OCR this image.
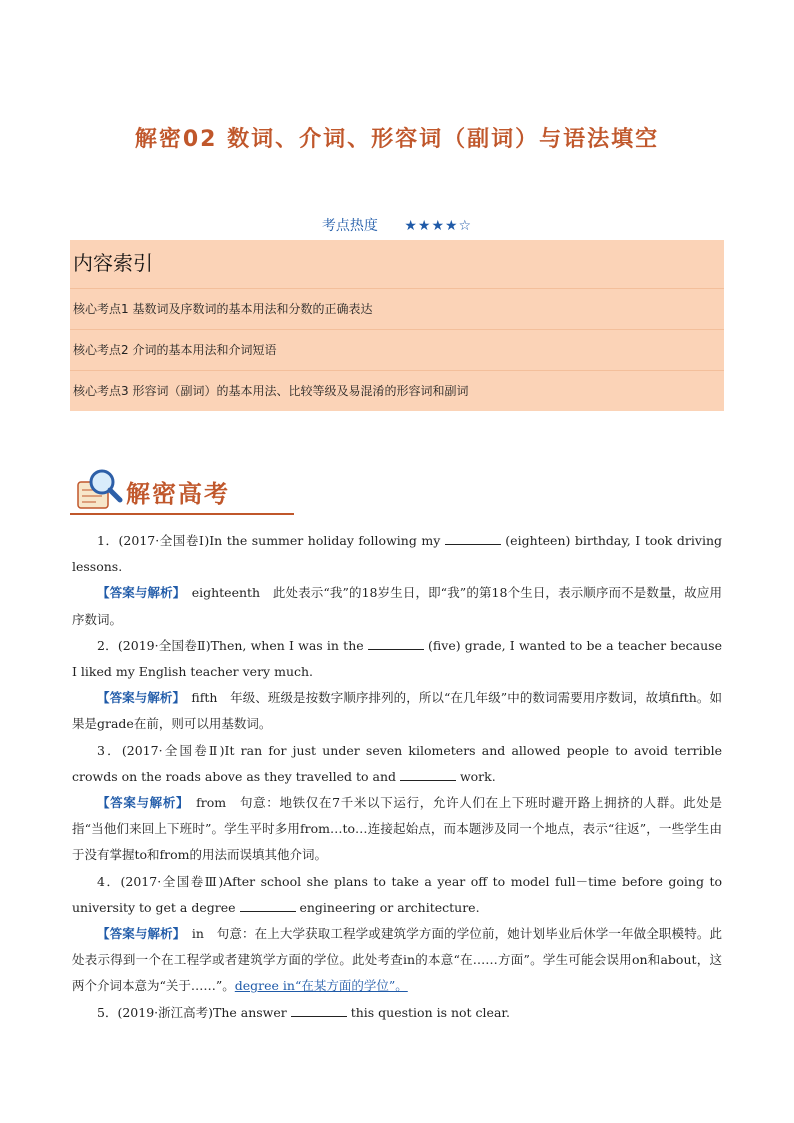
解密02 数词、介词、形容词（副词）与语法填空
考点热度 ★★★★☆
内容索引
核心考点1 基数词及序数词的基本用法和分数的正确表达
核心考点2 介词的基本用法和介词短语
核心考点3 形容词（副词）的基本用法、比较等级及易混淆的形容词和副词
解密高考

1．(2017·全国卷Ⅰ)In the summer holiday following my	(eighteen) birthday, I took driving lessons.

【答案与解析】　 eighteenth　 此处表示“我”的18岁生日，即“我”的第18个生日，表示顺序而不是数量，故应用序数词。

2．(2019·全国卷Ⅱ)Then, when I was in the	(five) grade, I wanted to be a teacher because I liked my English teacher very much.

【答案与解析】　 fifth　 年级、班级是按数字顺序排列的，所以“在几年级”中的数词需要用序数词，故填fifth。如果是grade在前，则可以用基数词。

3．(2017·全国卷Ⅱ)It ran for just under seven kilometers and allowed people to avoid terrible crowds on the roads above as they travelled to and	work.

【答案与解析】　 from　 句意：地铁仅在7千米以下运行，允许人们在上下班时避开路上拥挤的人群。此处是指“当他们来回上下班时”。学生平时多用from…to…连接起始点，而本题涉及同一个地点，表示“往返”，一些学生由于没有掌握to和from的用法而误填其他介词。

4．(2017·全国卷Ⅲ)After school she plans to take a year off to model full－time before going to university to get a degree	engineering or architecture.

【答案与解析】　 in　 句意：在上大学获取工程学或建筑学方面的学位前，她计划毕业后休学一年做全职模特。此处表示得到一个在工程学或者建筑学方面的学位。此处考查in的本意“在……方面”。学生可能会误用on和about，这两个介词本意为“关于……”。degree in“在某方面的学位”。

5．(2019·浙江高考)The answer	this question is not clear.
